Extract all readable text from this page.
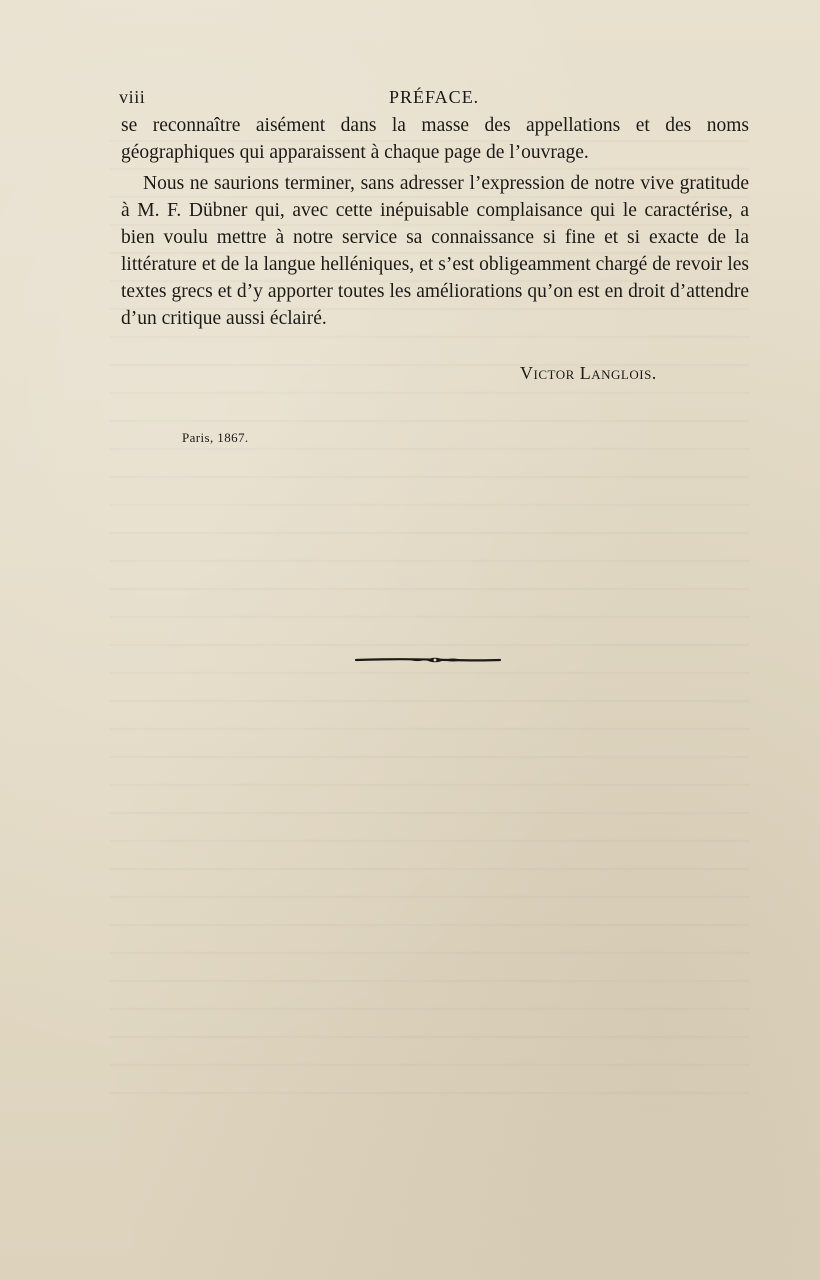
viii	PRÉFACE.

se reconnaître aisément dans la masse des appellations et des noms géographiques qui apparaissent à chaque page de l’ouvrage.

Nous ne saurions terminer, sans adresser l’expression de notre vive gratitude à M. F. Dübner qui, avec cette inépuisable complaisance qui le caractérise, a bien voulu mettre à notre service sa connaissance si fine et si exacte de la littérature et de la langue helléniques, et s’est obligeamment chargé de revoir les textes grecs et d’y apporter toutes les améliorations qu’on est en droit d’attendre d’un critique aussi éclairé.

Victor Langlois.
Paris, 1867.
